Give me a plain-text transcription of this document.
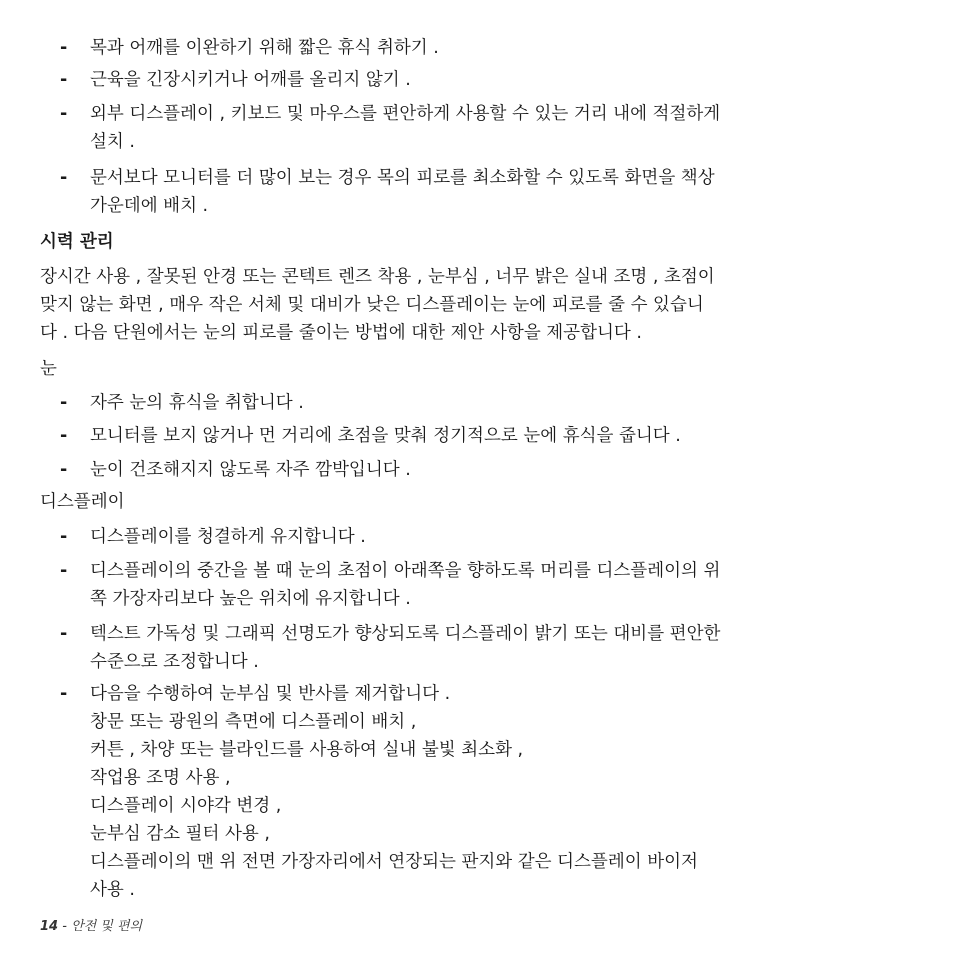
-	목과 어깨를 이완하기 위해 짧은 휴식 취하기 .
-	근육을 긴장시키거나 어깨를 올리지 않기 .
-	외부 디스플레이 , 키보드 및 마우스를 편안하게 사용할 수 있는 거리 내에 적절하게
설치 .
-	문서보다 모니터를 더 많이 보는 경우 목의 피로를 최소화할 수 있도록 화면을 책상
가운데에 배치 .
시력 관리
장시간 사용 , 잘못된 안경 또는 콘텍트 렌즈 착용 , 눈부심 , 너무 밝은 실내 조명 , 초점이
맞지 않는 화면 , 매우 작은 서체 및 대비가 낮은 디스플레이는 눈에 피로를 줄 수 있습니
다 . 다음 단원에서는 눈의 피로를 줄이는 방법에 대한 제안 사항을 제공합니다 .
눈
-	자주 눈의 휴식을 취합니다 .
-	모니터를 보지 않거나 먼 거리에 초점을 맞춰 정기적으로 눈에 휴식을 줍니다 .
-	눈이 건조해지지 않도록 자주 깜박입니다 .
디스플레이
-	디스플레이를 청결하게 유지합니다 .
-	디스플레이의 중간을 볼 때 눈의 초점이 아래쪽을 향하도록 머리를 디스플레이의 위
쪽 가장자리보다 높은 위치에 유지합니다 .
-	텍스트 가독성 및 그래픽 선명도가 향상되도록 디스플레이 밝기 또는 대비를 편안한
수준으로 조정합니다 .
-	다음을 수행하여 눈부심 및 반사를 제거합니다 .
창문 또는 광원의 측면에 디스플레이 배치 ,
커튼 , 차양 또는 블라인드를 사용하여 실내 불빛 최소화 ,
작업용 조명 사용 ,
디스플레이 시야각 변경 ,
눈부심 감소 필터 사용 ,
디스플레이의 맨 위 전면 가장자리에서 연장되는 판지와 같은 디스플레이 바이저
사용 .
14 - 안전 및 편의
